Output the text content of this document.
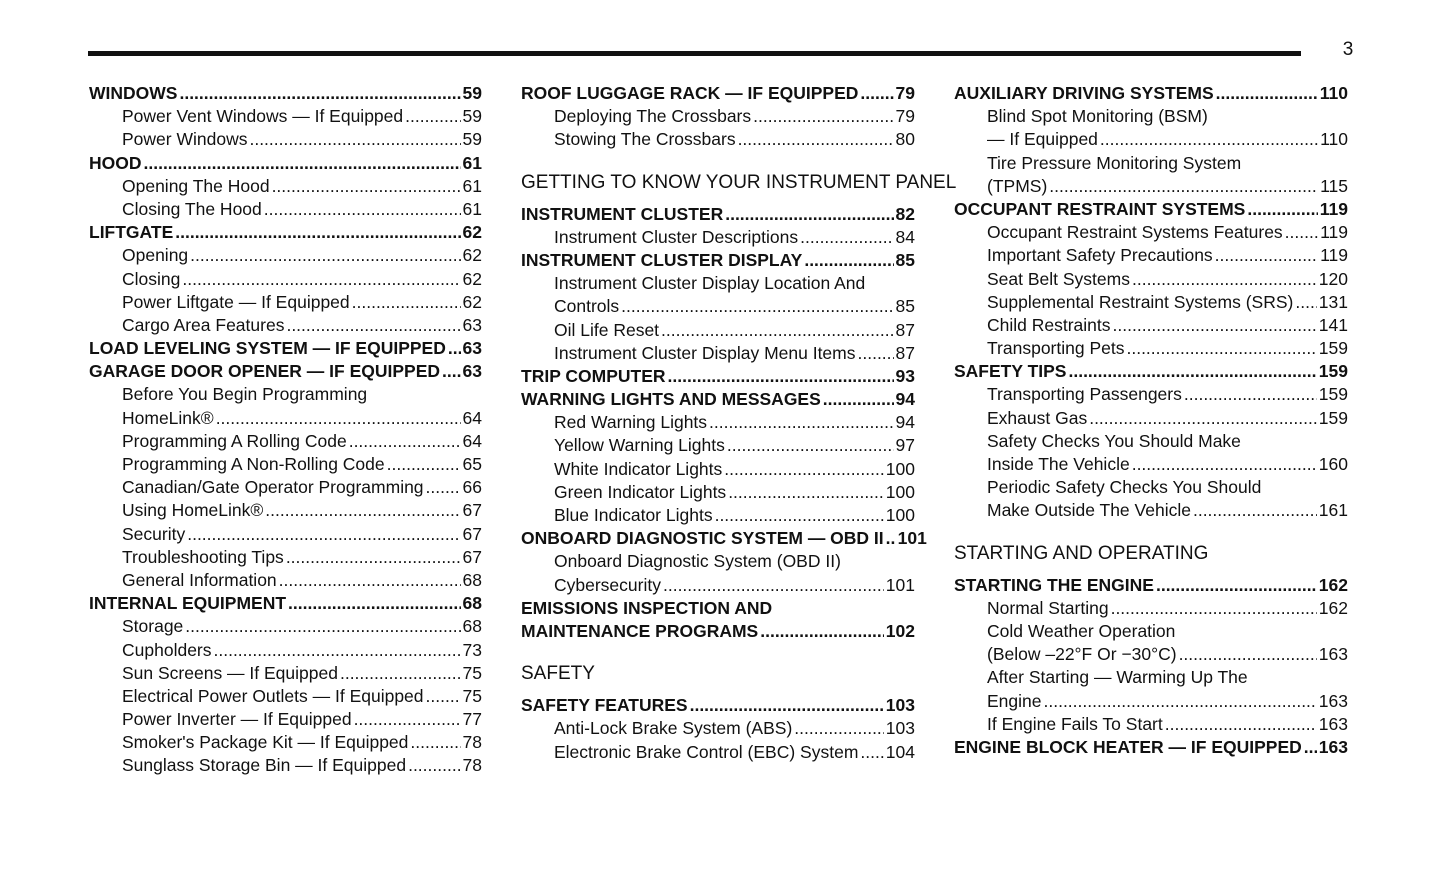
3
WINDOWS .....	59
Power Vent Windows — If Equipped .....	59
Power Windows .....	59
HOOD .....	61
Opening The Hood .....	61
Closing The Hood .....	61
LIFTGATE .....	62
Opening .....	62
Closing .....	62
Power Liftgate — If Equipped .....	62
Cargo Area Features .....	63
LOAD LEVELING SYSTEM — IF EQUIPPED ..... 63
GARAGE DOOR OPENER — IF EQUIPPED ..... 63
Before You Begin Programming
HomeLink® .....	64
Programming A Rolling Code .....	64
Programming A Non-Rolling Code .....	65
Canadian/Gate Operator Programming ..... 66
Using HomeLink® .....	67
Security .....	67
Troubleshooting Tips .....	67
General Information .....	68
INTERNAL EQUIPMENT .....	68
Storage .....	68
Cupholders .....	73
Sun Screens — If Equipped .....	75
Electrical Power Outlets — If Equipped ..... 75
Power Inverter — If Equipped .....	77
Smoker's Package Kit — If Equipped .....	78
Sunglass Storage Bin — If Equipped .....	78
ROOF LUGGAGE RACK — IF EQUIPPED ..... 79
Deploying The Crossbars .....	79
Stowing The Crossbars .....	80
GETTING TO KNOW YOUR INSTRUMENT PANEL
INSTRUMENT CLUSTER .....	82
Instrument Cluster Descriptions .....	84
INSTRUMENT CLUSTER DISPLAY .....	85
Instrument Cluster Display Location And
Controls .....	85
Oil Life Reset .....	87
Instrument Cluster Display Menu Items ..... 87
TRIP COMPUTER .....	93
WARNING LIGHTS AND MESSAGES .....	94
Red Warning Lights .....	94
Yellow Warning Lights .....	97
White Indicator Lights .....	100
Green Indicator Lights .....	100
Blue Indicator Lights .....	100
ONBOARD DIAGNOSTIC SYSTEM — OBD II ..... 101
Onboard Diagnostic System (OBD II)
Cybersecurity .....	101
EMISSIONS INSPECTION AND
MAINTENANCE PROGRAMS .....	102
SAFETY
SAFETY FEATURES .....	103
Anti-Lock Brake System (ABS) .....	103
Electronic Brake Control (EBC) System ..... 104
AUXILIARY DRIVING SYSTEMS .....	110
Blind Spot Monitoring (BSM)
— If Equipped .....	110
Tire Pressure Monitoring System
(TPMS) .....	115
OCCUPANT RESTRAINT SYSTEMS .....	119
Occupant Restraint Systems Features ..... 119
Important Safety Precautions .....	119
Seat Belt Systems .....	120
Supplemental Restraint Systems (SRS) ..... 131
Child Restraints .....	141
Transporting Pets .....	159
SAFETY TIPS .....	159
Transporting Passengers .....	159
Exhaust Gas .....	159
Safety Checks You Should Make
Inside The Vehicle .....	160
Periodic Safety Checks You Should
Make Outside The Vehicle .....	161
STARTING AND OPERATING
STARTING THE ENGINE .....	162
Normal Starting .....	162
Cold Weather Operation
(Below –22°F Or −30°C) .....	163
After Starting — Warming Up The
Engine .....	163
If Engine Fails To Start .....	163
ENGINE BLOCK HEATER — IF EQUIPPED ..... 163
